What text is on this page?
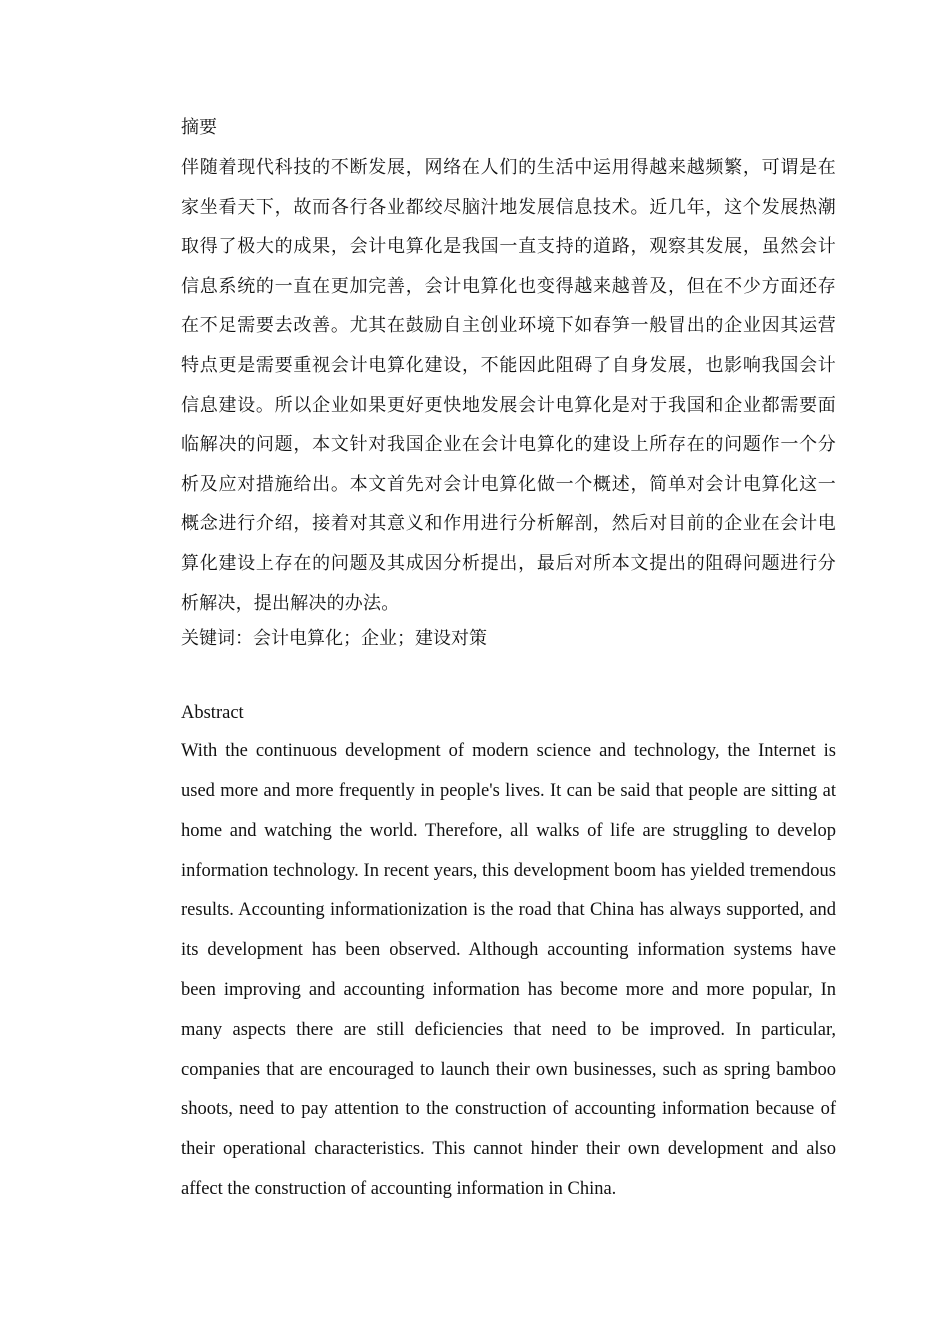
摘要
伴随着现代科技的不断发展，网络在人们的生活中运用得越来越频繁，可谓是在家坐看天下，故而各行各业都绞尽脑汁地发展信息技术。近几年，这个发展热潮取得了极大的成果，会计电算化是我国一直支持的道路，观察其发展，虽然会计信息系统的一直在更加完善，会计电算化也变得越来越普及，但在不少方面还存在不足需要去改善。尤其在鼓励自主创业环境下如春笋一般冒出的企业因其运营特点更是需要重视会计电算化建设，不能因此阻碍了自身发展，也影响我国会计信息建设。所以企业如果更好更快地发展会计电算化是对于我国和企业都需要面临解决的问题，本文针对我国企业在会计电算化的建设上所存在的问题作一个分析及应对措施给出。本文首先对会计电算化做一个概述，简单对会计电算化这一概念进行介绍，接着对其意义和作用进行分析解剖，然后对目前的企业在会计电算化建设上存在的问题及其成因分析提出，最后对所本文提出的阻碍问题进行分析解决，提出解决的办法。
关键词：会计电算化；企业；建设对策
Abstract
With the continuous development of modern science and technology, the Internet is used more and more frequently in people's lives. It can be said that people are sitting at home and watching the world. Therefore, all walks of life are struggling to develop information technology. In recent years, this development boom has yielded tremendous results. Accounting informationization is the road that China has always supported, and its development has been observed. Although accounting information systems have been improving and accounting information has become more and more popular, In many aspects there are still deficiencies that need to be improved. In particular, companies that are encouraged to launch their own businesses, such as spring bamboo shoots, need to pay attention to the construction of accounting information because of their operational characteristics. This cannot hinder their own development and also affect the construction of accounting information in China.
